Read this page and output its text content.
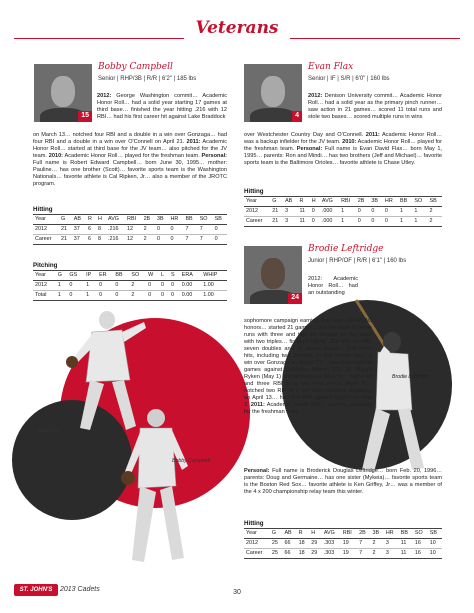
Veterans
15
Bobby Campbell
Senior | RHP/3B | R/R | 6'2" | 185 lbs

2012: George Washington commit… Academic Honor Roll… had a solid year starting 17 games at third base… finished the year hitting .216 with 12 RBI… had his first career hit against Lake Braddock

on March 13… notched four RBI and a double in a win over Gonzaga… had four RBI and a double in a win over O'Connell on April 21. 2011: Academic Honor Roll… started at third base for the JV team… also pitched for the JV team. 2010: Academic Honor Roll… played for the freshman team. Personal: Full name is Robert Edward Campbell… born June 30, 1995… mother: Pauline… has one brother (Scott)… favorite sports team is the Washington Nationals… favorite athlete is Cal Ripken, Jr… also a member of the JROTC program.

Hitting
Year	G	AB	R	H	AVG	RBI	2B	3B	HR	BB	SO	SB
2012	21	37	6	8	.216	12	2	0	0	7	7	0
Career	21	37	6	8	.216	12	2	0	0	7	7	0
Pitching
Year	G	GS	IP	ER	BB	SO	W	L	S	ERA	WHIP
2012	1	0	1	0	0	2	0	0	0	0.00	1.00
Total	1	0	1	0	0	2	0	0	0	0.00	1.00
4
Evan Flax
Senior | IF | S/R | 6'0" | 160 lbs

2012: Denison University commit… Academic Honor Roll… had a solid year as the primary pinch runner… saw action in 21 games… scored 11 total runs and stole two bases… scored multiple runs in wins

over Westchester Country Day and O'Connell. 2011: Academic Honor Roll… was a backup infielder for the JV team. 2010: Academic Honor Roll… played for the freshman team. Personal: Full name is Evan David Flax… born May 1, 1995… parents: Ron and Mindi… has two brothers (Jeff and Michael)… favorite sports team is the Baltimore Orioles… favorite athlete is Chase Utley.

Hitting
Year	G	AB	R	H	AVG	RBI	2B	3B	HR	BB	SO	SB
2012	21	3	11	0	.000	1	0	0	0	1	1	2
Career	21	3	11	0	.000	1	0	0	0	1	1	2
24
Brodie Leftridge
Junior | RHP/OF | R/R | 6'1" | 160 lbs
Evan Flax
Bobby Campbell
Brodie Leftridge

2012: Academic Honor Roll… had an outstanding

sophomore campaign earning 2nd Team All-WCAC honors… started 21 games… led the team in home runs with three and tied for second on the team with two triples… finished hitting .303 with 19 RBI, seven doubles and 10 stolen bases… had three hits, including two doubles, in first career start, a win over Gonzaga on March 17… also had multi-hit games against DeMatha (March 27), St. Mary's Ryken (May 1) and McNamara (May 5)… had a hit and three RBI in a win over Ireton (April 2)… notched two RBI in a win over Caldwell Academy on April 13… had four RBI against Ryken on May 2. 2011: Academic Honor Roll… starting outfielder for the freshman team.

Personal: Full name is Broderick Douglas Leftridge… born Feb. 20, 1996… parents: Doug and Germaine… has one sister (Mykeia)… favorite sports team is the Boston Red Sox… favorite athlete is Ken Griffey, Jr… was a member of the 4 x 200 championship relay team this winter.

Hitting
Year	G	AB	R	H	AVG	RBI	2B	3B	HR	BB	SO	SB
2012	25	66	18	29	.303	19	7	2	3	11	16	10
Career	25	66	18	29	.303	19	7	2	3	11	16	10
ST. JOHN'S	2013 Cadets	30
